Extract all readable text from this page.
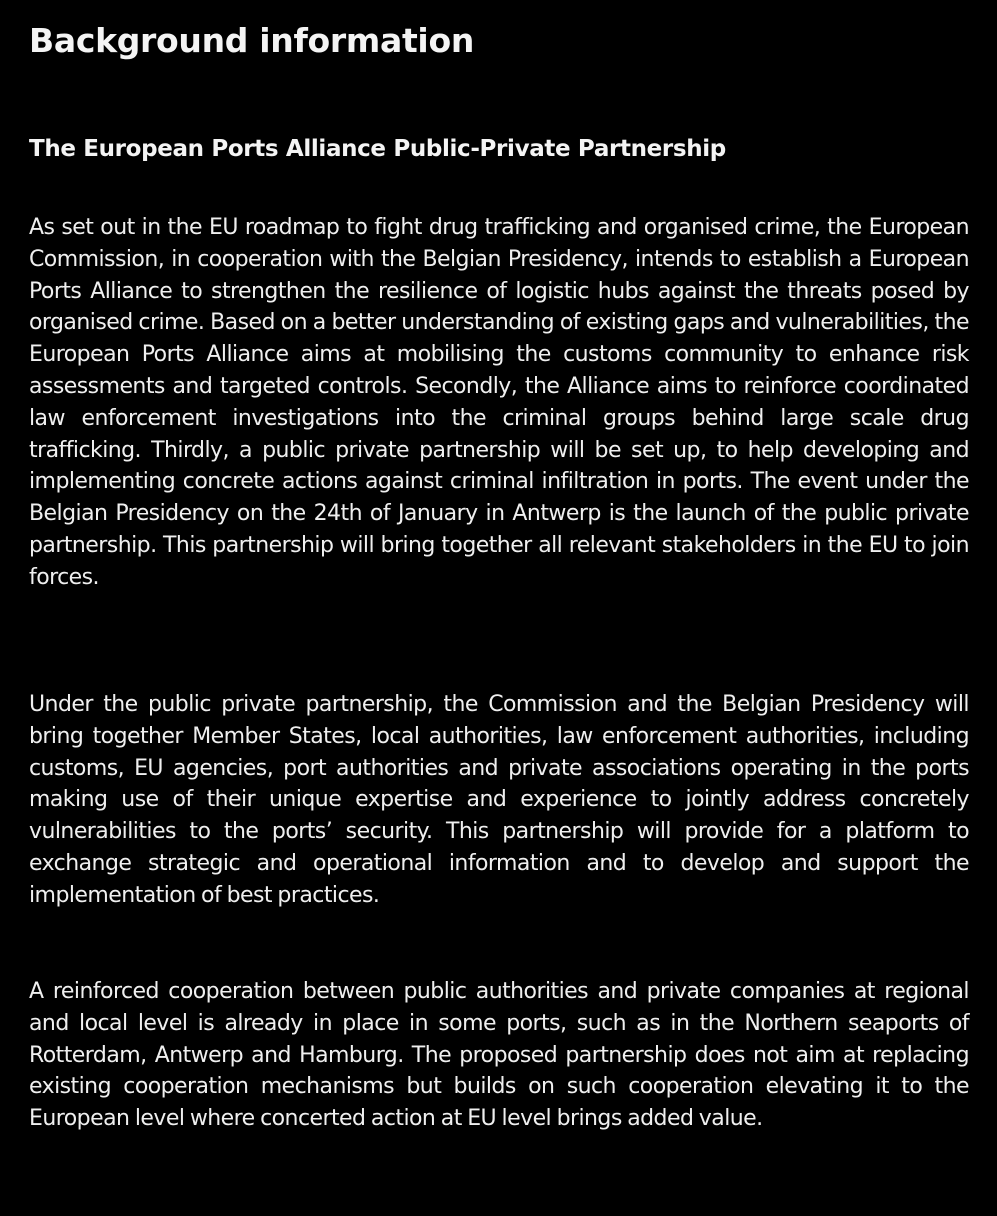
Background information
The European Ports Alliance Public-Private Partnership

As set out in the EU roadmap to fight drug trafficking and organised crime, the European Commission, in cooperation with the Belgian Presidency, intends to establish a European Ports Alliance to strengthen the resilience of logistic hubs against the threats posed by organised crime. Based on a better understanding of existing gaps and vulnerabilities, the European Ports Alliance aims at mobilising the customs community to enhance risk assessments and targeted controls. Secondly, the Alliance aims to reinforce coordinated law enforcement investigations into the criminal groups behind large scale drug trafficking. Thirdly, a public private partnership will be set up, to help developing and implementing concrete actions against criminal infiltration in ports. The event under the Belgian Presidency on the 24th of January in Antwerp is the launch of the public private partnership. This partnership will bring together all relevant stakeholders in the EU to join forces.

Under the public private partnership, the Commission and the Belgian Presidency will bring together Member States, local authorities, law enforcement authorities, including customs, EU agencies, port authorities and private associations operating in the ports making use of their unique expertise and experience to jointly address concretely vulnerabilities to the ports’ security. This partnership will provide for a platform to exchange strategic and operational information and to develop and support the implementation of best practices.

A reinforced cooperation between public authorities and private companies at regional and local level is already in place in some ports, such as in the Northern seaports of Rotterdam, Antwerp and Hamburg. The proposed partnership does not aim at replacing existing cooperation mechanisms but builds on such cooperation elevating it to the European level where concerted action at EU level brings added value.
